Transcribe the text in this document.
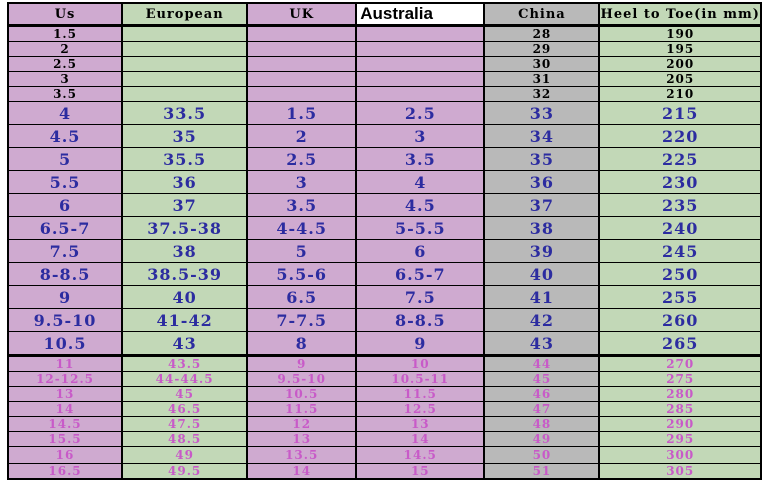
Us	European	UK	Australia	China	Heel to Toe(in mm)
1.5				28	190
2				29	195
2.5				30	200
3				31	205
3.5				32	210
4	33.5	1.5	2.5	33	215
4.5	35	2	3	34	220
5	35.5	2.5	3.5	35	225
5.5	36	3	4	36	230
6	37	3.5	4.5	37	235
6.5-7	37.5-38	4-4.5	5-5.5	38	240
7.5	38	5	6	39	245
8-8.5	38.5-39	5.5-6	6.5-7	40	250
9	40	6.5	7.5	41	255
9.5-10	41-42	7-7.5	8-8.5	42	260
10.5	43	8	9	43	265
11	43.5	9	10	44	270
12-12.5	44-44.5	9.5-10	10.5-11	45	275
13	45	10.5	11.5	46	280
14	46.5	11.5	12.5	47	285
14.5	47.5	12	13	48	290
15.5	48.5	13	14	49	295
16	49	13.5	14.5	50	300
16.5	49.5	14	15	51	305
